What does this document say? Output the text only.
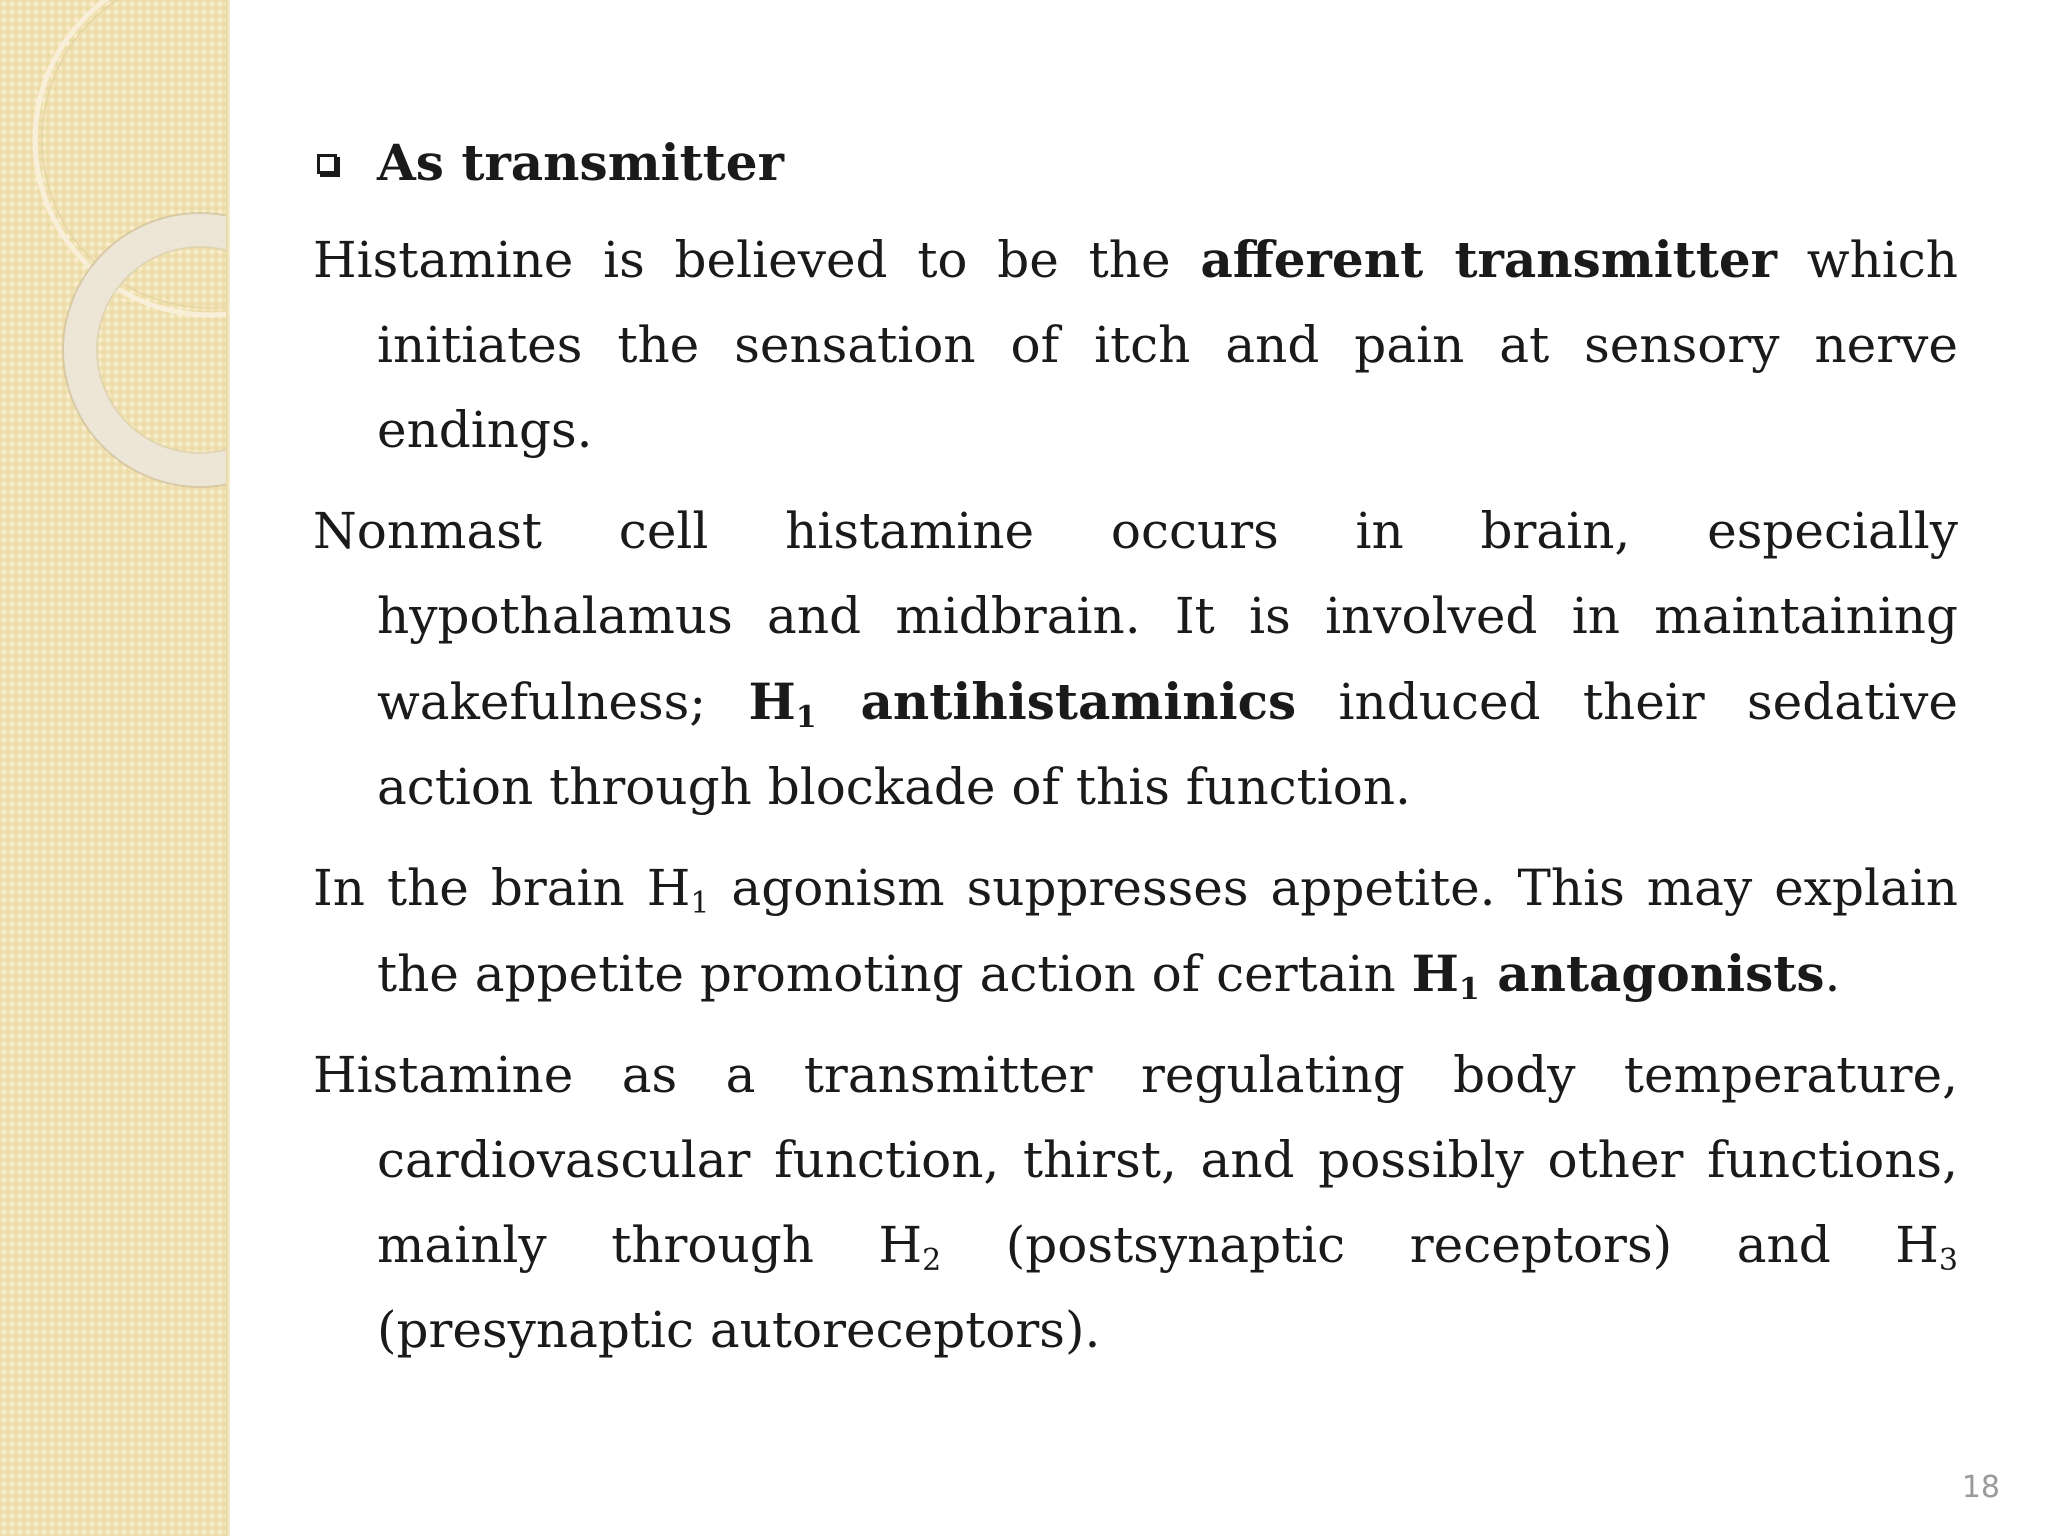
As transmitter
Histamine is believed to be the afferent transmitter which initiates the sensation of itch and pain at sensory nerve endings.
Nonmast cell histamine occurs in brain, especially hypothalamus and midbrain. It is involved in maintaining wakefulness; $H_1$ antihistaminics induced their sedative action through blockade of this function.
In the brain $H_1$ agonism suppresses appetite. This may explain the appetite promoting action of certain $H_1$ antagonists.
Histamine as a transmitter regulating body temperature, cardiovascular function, thirst, and possibly other functions, mainly through $H_2$ (postsynaptic receptors) and $H_3$ (presynaptic autoreceptors).
18
